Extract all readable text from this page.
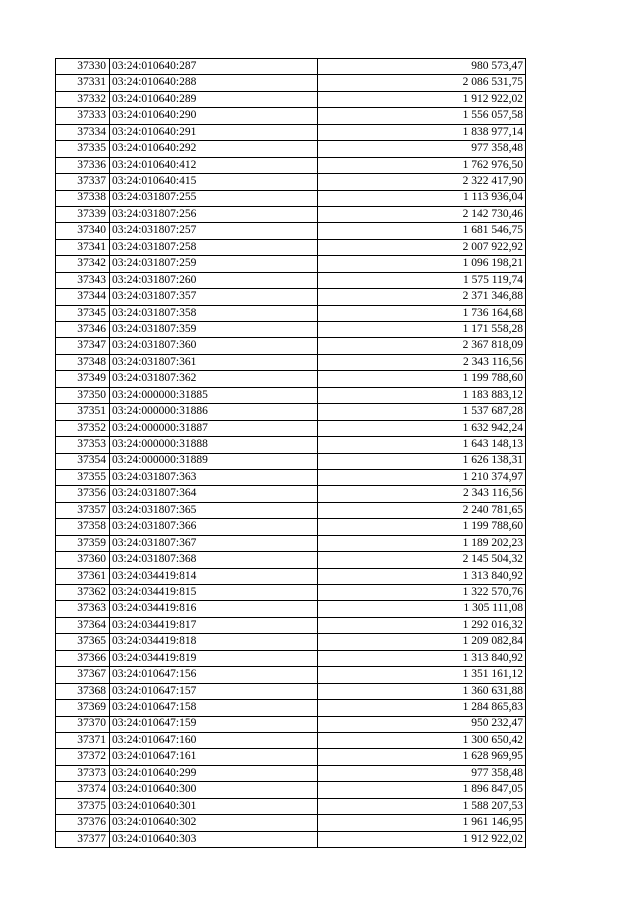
37330	03:24:010640:287	980 573,47
37331	03:24:010640:288	2 086 531,75
37332	03:24:010640:289	1 912 922,02
37333	03:24:010640:290	1 556 057,58
37334	03:24:010640:291	1 838 977,14
37335	03:24:010640:292	977 358,48
37336	03:24:010640:412	1 762 976,50
37337	03:24:010640:415	2 322 417,90
37338	03:24:031807:255	1 113 936,04
37339	03:24:031807:256	2 142 730,46
37340	03:24:031807:257	1 681 546,75
37341	03:24:031807:258	2 007 922,92
37342	03:24:031807:259	1 096 198,21
37343	03:24:031807:260	1 575 119,74
37344	03:24:031807:357	2 371 346,88
37345	03:24:031807:358	1 736 164,68
37346	03:24:031807:359	1 171 558,28
37347	03:24:031807:360	2 367 818,09
37348	03:24:031807:361	2 343 116,56
37349	03:24:031807:362	1 199 788,60
37350	03:24:000000:31885	1 183 883,12
37351	03:24:000000:31886	1 537 687,28
37352	03:24:000000:31887	1 632 942,24
37353	03:24:000000:31888	1 643 148,13
37354	03:24:000000:31889	1 626 138,31
37355	03:24:031807:363	1 210 374,97
37356	03:24:031807:364	2 343 116,56
37357	03:24:031807:365	2 240 781,65
37358	03:24:031807:366	1 199 788,60
37359	03:24:031807:367	1 189 202,23
37360	03:24:031807:368	2 145 504,32
37361	03:24:034419:814	1 313 840,92
37362	03:24:034419:815	1 322 570,76
37363	03:24:034419:816	1 305 111,08
37364	03:24:034419:817	1 292 016,32
37365	03:24:034419:818	1 209 082,84
37366	03:24:034419:819	1 313 840,92
37367	03:24:010647:156	1 351 161,12
37368	03:24:010647:157	1 360 631,88
37369	03:24:010647:158	1 284 865,83
37370	03:24:010647:159	950 232,47
37371	03:24:010647:160	1 300 650,42
37372	03:24:010647:161	1 628 969,95
37373	03:24:010640:299	977 358,48
37374	03:24:010640:300	1 896 847,05
37375	03:24:010640:301	1 588 207,53
37376	03:24:010640:302	1 961 146,95
37377	03:24:010640:303	1 912 922,02
